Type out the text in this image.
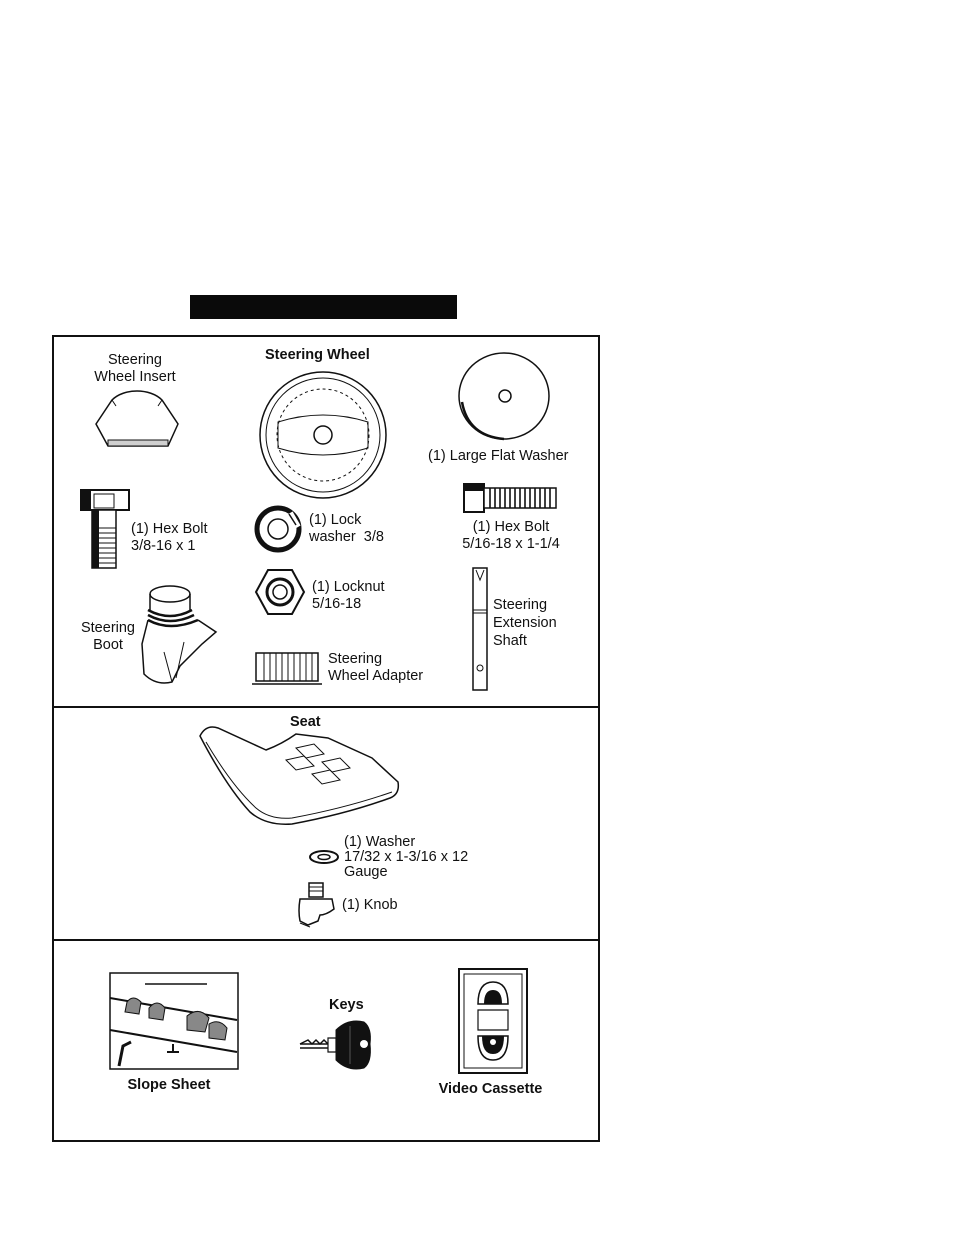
Steering
Wheel Insert
Steering Wheel
(1) Large Flat Washer
(1) Hex Bolt
3/8-16 x 1
(1) Lock
washer  3/8
(1) Hex Bolt
5/16-18 x 1-1/4
(1) Locknut
5/16-18
Steering
Boot
Steering
Wheel Adapter
Steering
Extension
Shaft
Seat
(1) Washer
17/32 x 1-3/16 x 12
Gauge
(1) Knob
Slope Sheet
Keys
Video Cassette
